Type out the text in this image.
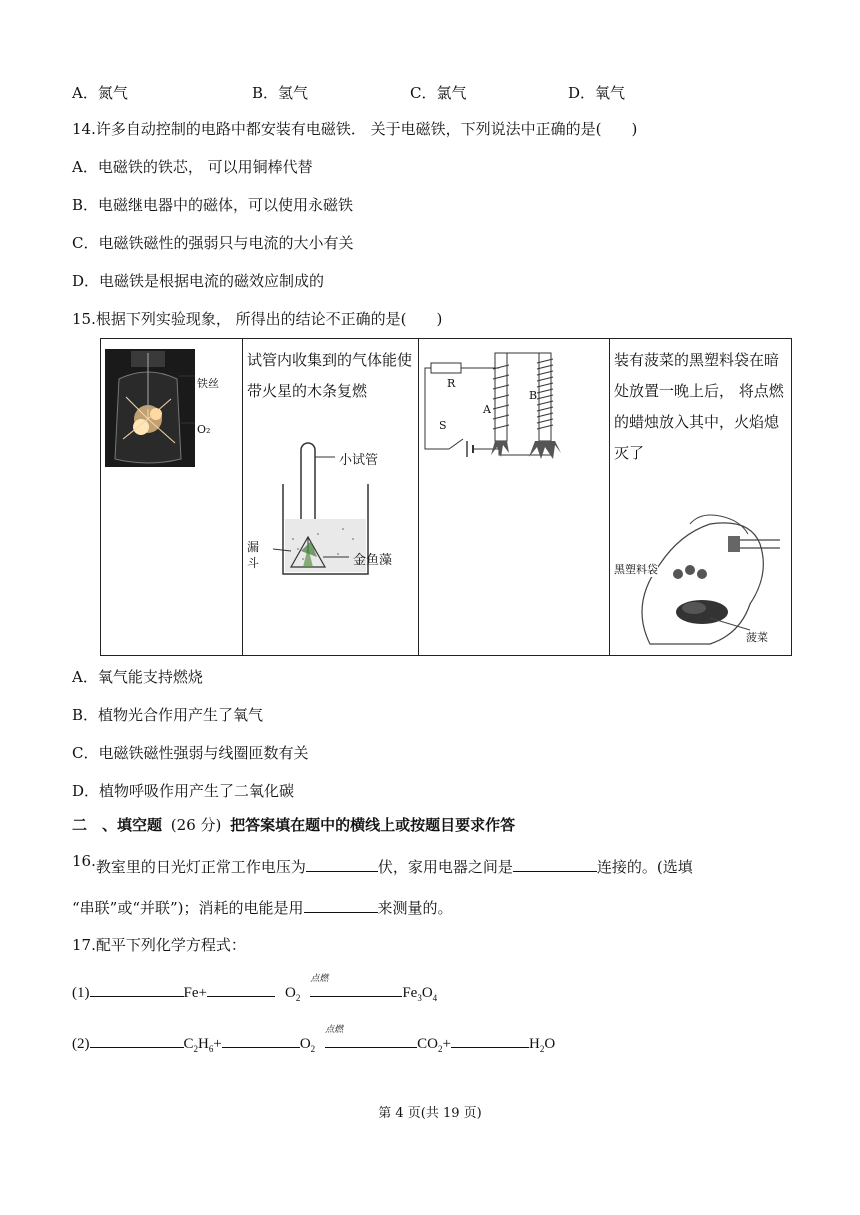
A．氮气	B．氢气	C．氯气	D．氧气
14.许多自动控制的电路中都安装有电磁铁． 关于电磁铁，下列说法中正确的是(　　)
A．电磁铁的铁芯， 可以用铜棒代替
B．电磁继电器中的磁体，可以使用永磁铁
C．电磁铁磁性的强弱只与电流的大小有关
D．电磁铁是根据电流的磁效应制成的
15.根据下列实验现象， 所得出的结论不正确的是(　　)
铁丝
O₂

试管内收集到的气体能使带火星的木条复燃
小试管
漏斗	金鱼藻

R
S
A
B

装有菠菜的黑塑料袋在暗处放置一晚上后， 将点燃的蜡烛放入其中，火焰熄灭了
黑塑料袋
菠菜
A．氧气能支持燃烧
B．植物光合作用产生了氧气
C．电磁铁磁性强弱与线圈匝数有关
D．植物呼吸作用产生了二氧化碳
二　、填空题 (26 分) 把答案填在题中的横线上或按题目要求作答
16.教室里的日光灯正常工作电压为	伏，家用电器之间是	连接的。(选填
“串联”或“并联”)；消耗的电能是用	来测量的。
17.配平下列化学方程式：
(1)	Fe+	$O_2$
点燃
$Fe_3O_4$
(2)	$C_2H_6+$	$O_2$
点燃
$CO_2+$	$H_2O$
第 4 页(共 19 页)
